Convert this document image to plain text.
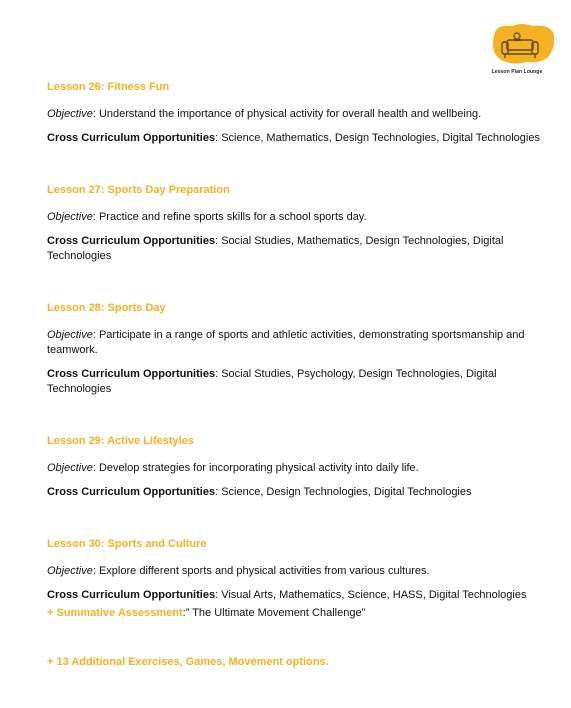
Lesson Plan Lounge
Lesson 26: Fitness Fun
Objective: Understand the importance of physical activity for overall health and wellbeing.
Cross Curriculum Opportunities: Science, Mathematics, Design Technologies, Digital Technologies
Lesson 27: Sports Day Preparation
Objective: Practice and refine sports skills for a school sports day.
Cross Curriculum Opportunities: Social Studies, Mathematics, Design Technologies, Digital Technologies
Lesson 28: Sports Day
Objective: Participate in a range of sports and athletic activities, demonstrating sportsmanship and teamwork.
Cross Curriculum Opportunities: Social Studies, Psychology, Design Technologies, Digital Technologies
Lesson 29: Active Lifestyles
Objective: Develop strategies for incorporating physical activity into daily life.
Cross Curriculum Opportunities: Science, Design Technologies, Digital Technologies
Lesson 30: Sports and Culture
Objective: Explore different sports and physical activities from various cultures.
Cross Curriculum Opportunities: Visual Arts, Mathematics, Science, HASS, Digital Technologies
+ Summative Assessment:” The Ultimate Movement Challenge”
+ 13 Additional Exercises, Games, Movement options.
